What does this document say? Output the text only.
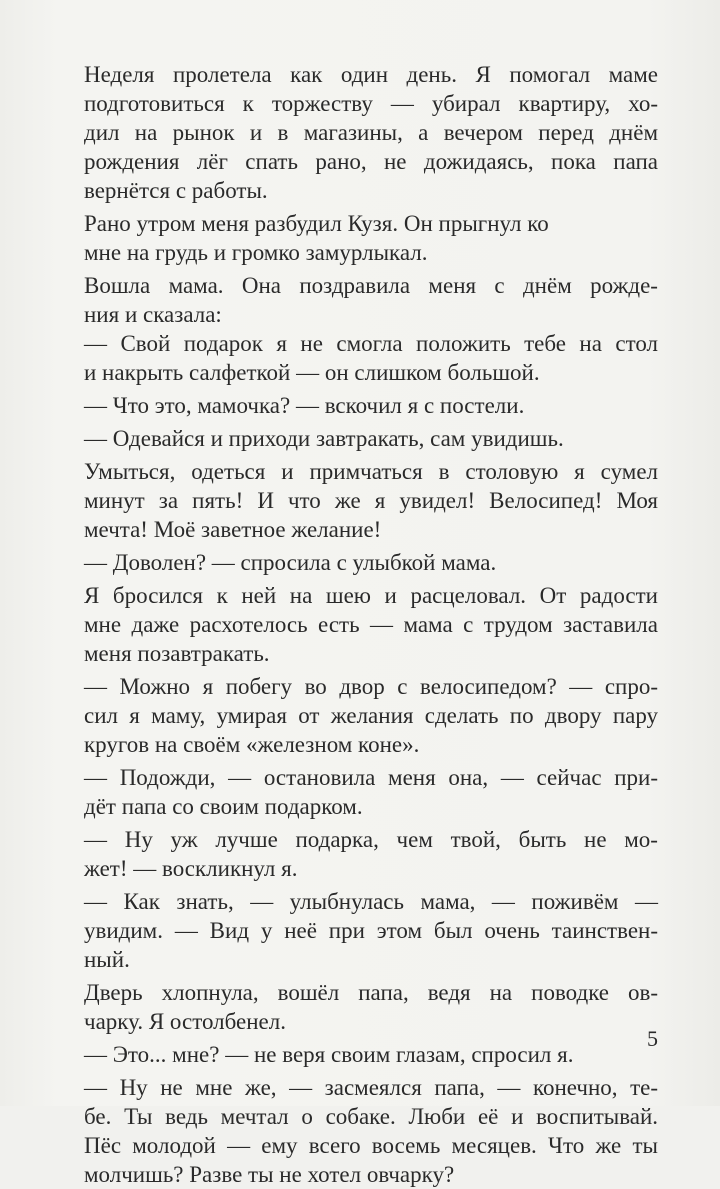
Неделя пролетела как один день. Я помогал маме
подготовиться к торжеству — убирал квартиру, хо-
дил на рынок и в магазины, а вечером перед днём
рождения лёг спать рано, не дожидаясь, пока папа
вернётся с работы.
Рано утром меня разбудил Кузя. Он прыгнул ко
мне на грудь и громко замурлыкал.
Вошла мама. Она поздравила меня с днём рожде-
ния и сказала:
— Свой подарок я не смогла положить тебе на стол
и накрыть салфеткой — он слишком большой.
— Что это, мамочка? — вскочил я с постели.
— Одевайся и приходи завтракать, сам увидишь.
Умыться, одеться и примчаться в столовую я сумел
минут за пять! И что же я увидел! Велосипед! Моя
мечта! Моё заветное желание!
— Доволен? — спросила с улыбкой мама.
Я бросился к ней на шею и расцеловал. От радости
мне даже расхотелось есть — мама с трудом заставила
меня позавтракать.
— Можно я побегу во двор с велосипедом? — спро-
сил я маму, умирая от желания сделать по двору пару
кругов на своём «железном коне».
— Подожди, — остановила меня она, — сейчас при-
дёт папа со своим подарком.
— Ну уж лучше подарка, чем твой, быть не мо-
жет! — воскликнул я.
— Как знать, — улыбнулась мама, — поживём —
увидим. — Вид у неё при этом был очень таинствен-
ный.
Дверь хлопнула, вошёл папа, ведя на поводке ов-
чарку. Я остолбенел.
— Это... мне? — не веря своим глазам, спросил я.
— Ну не мне же, — засмеялся папа, — конечно, те-
бе. Ты ведь мечтал о собаке. Люби её и воспитывай.
Пёс молодой — ему всего восемь месяцев. Что же ты
молчишь? Разве ты не хотел овчарку?
5
